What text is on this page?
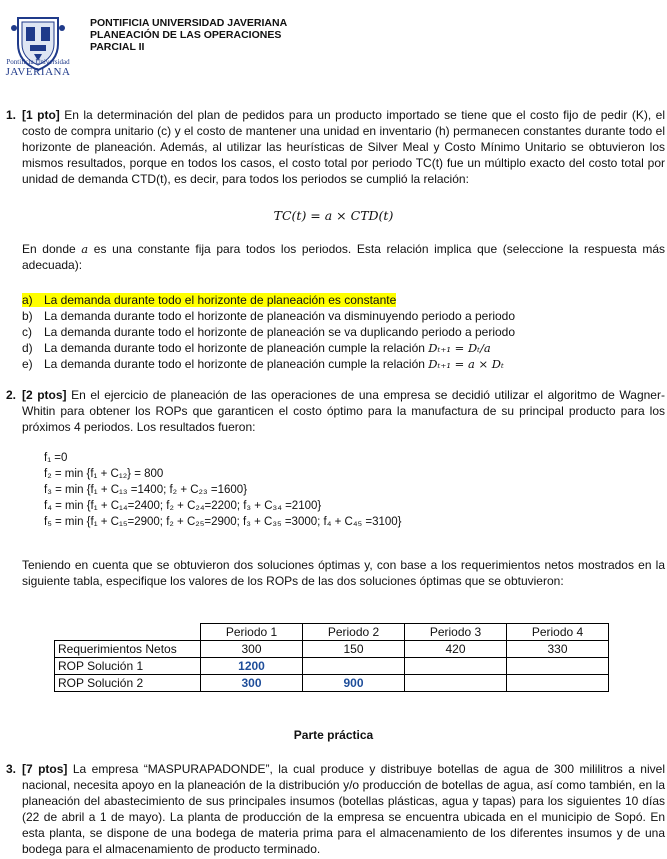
Pontificia Universidad
JAVERIANA
PONTIFICIA UNIVERSIDAD JAVERIANA
PLANEACIÓN DE LAS OPERACIONES
PARCIAL II
1. [1 pto] En la determinación del plan de pedidos para un producto importado se tiene que el costo fijo de pedir (K), el costo de compra unitario (c) y el costo de mantener una unidad en inventario (h) permanecen constantes durante todo el horizonte de planeación. Además, al utilizar las heurísticas de Silver Meal y Costo Mínimo Unitario se obtuvieron los mismos resultados, porque en todos los casos, el costo total por periodo TC(t) fue un múltiplo exacto del costo total por unidad de demanda CTD(t), es decir, para todos los periodos se cumplió la relación:
TC(t) = a × CTD(t)
En donde a es una constante fija para todos los periodos. Esta relación implica que (seleccione la respuesta más adecuada):
a) La demanda durante todo el horizonte de planeación es constante
b) La demanda durante todo el horizonte de planeación va disminuyendo periodo a periodo
c) La demanda durante todo el horizonte de planeación se va duplicando periodo a periodo
d) La demanda durante todo el horizonte de planeación cumple la relación Dₜ₊₁ = Dₜ/a
e) La demanda durante todo el horizonte de planeación cumple la relación Dₜ₊₁ = a × Dₜ
2. [2 ptos] En el ejercicio de planeación de las operaciones de una empresa se decidió utilizar el algoritmo de Wagner-Whitin para obtener los ROPs que garanticen el costo óptimo para la manufactura de su principal producto para los próximos 4 periodos. Los resultados fueron:
f₁ =0
f₂ = min {f₁ + C₁₂} = 800
f₃ = min {f₁ + C₁₃ =1400; f₂ + C₂₃ =1600}
f₄ = min {f₁ + C₁₄=2400; f₂ + C₂₄=2200; f₃ + C₃₄ =2100}
f₅ = min {f₁ + C₁₅=2900; f₂ + C₂₅=2900; f₃ + C₃₅ =3000; f₄ + C₄₅ =3100}
Teniendo en cuenta que se obtuvieron dos soluciones óptimas y, con base a los requerimientos netos mostrados en la siguiente tabla, especifique los valores de los ROPs de las dos soluciones óptimas que se obtuvieron:
	Periodo 1	Periodo 2	Periodo 3	Periodo 4
Requerimientos Netos	300	150	420	330
ROP Solución 1	1200			
ROP Solución 2	300	900		
Parte práctica
3. [7 ptos] La empresa “MASPURAPADONDE”, la cual produce y distribuye botellas de agua de 300 mililitros a nivel nacional, necesita apoyo en la planeación de la distribución y/o producción de botellas de agua, así como también, en la planeación del abastecimiento de sus principales insumos (botellas plásticas, agua y tapas) para los siguientes 10 días (22 de abril a 1 de mayo). La planta de producción de la empresa se encuentra ubicada en el municipio de Sopó. En esta planta, se dispone de una bodega de materia prima para el almacenamiento de los diferentes insumos y de una bodega para el almacenamiento de producto terminado.
